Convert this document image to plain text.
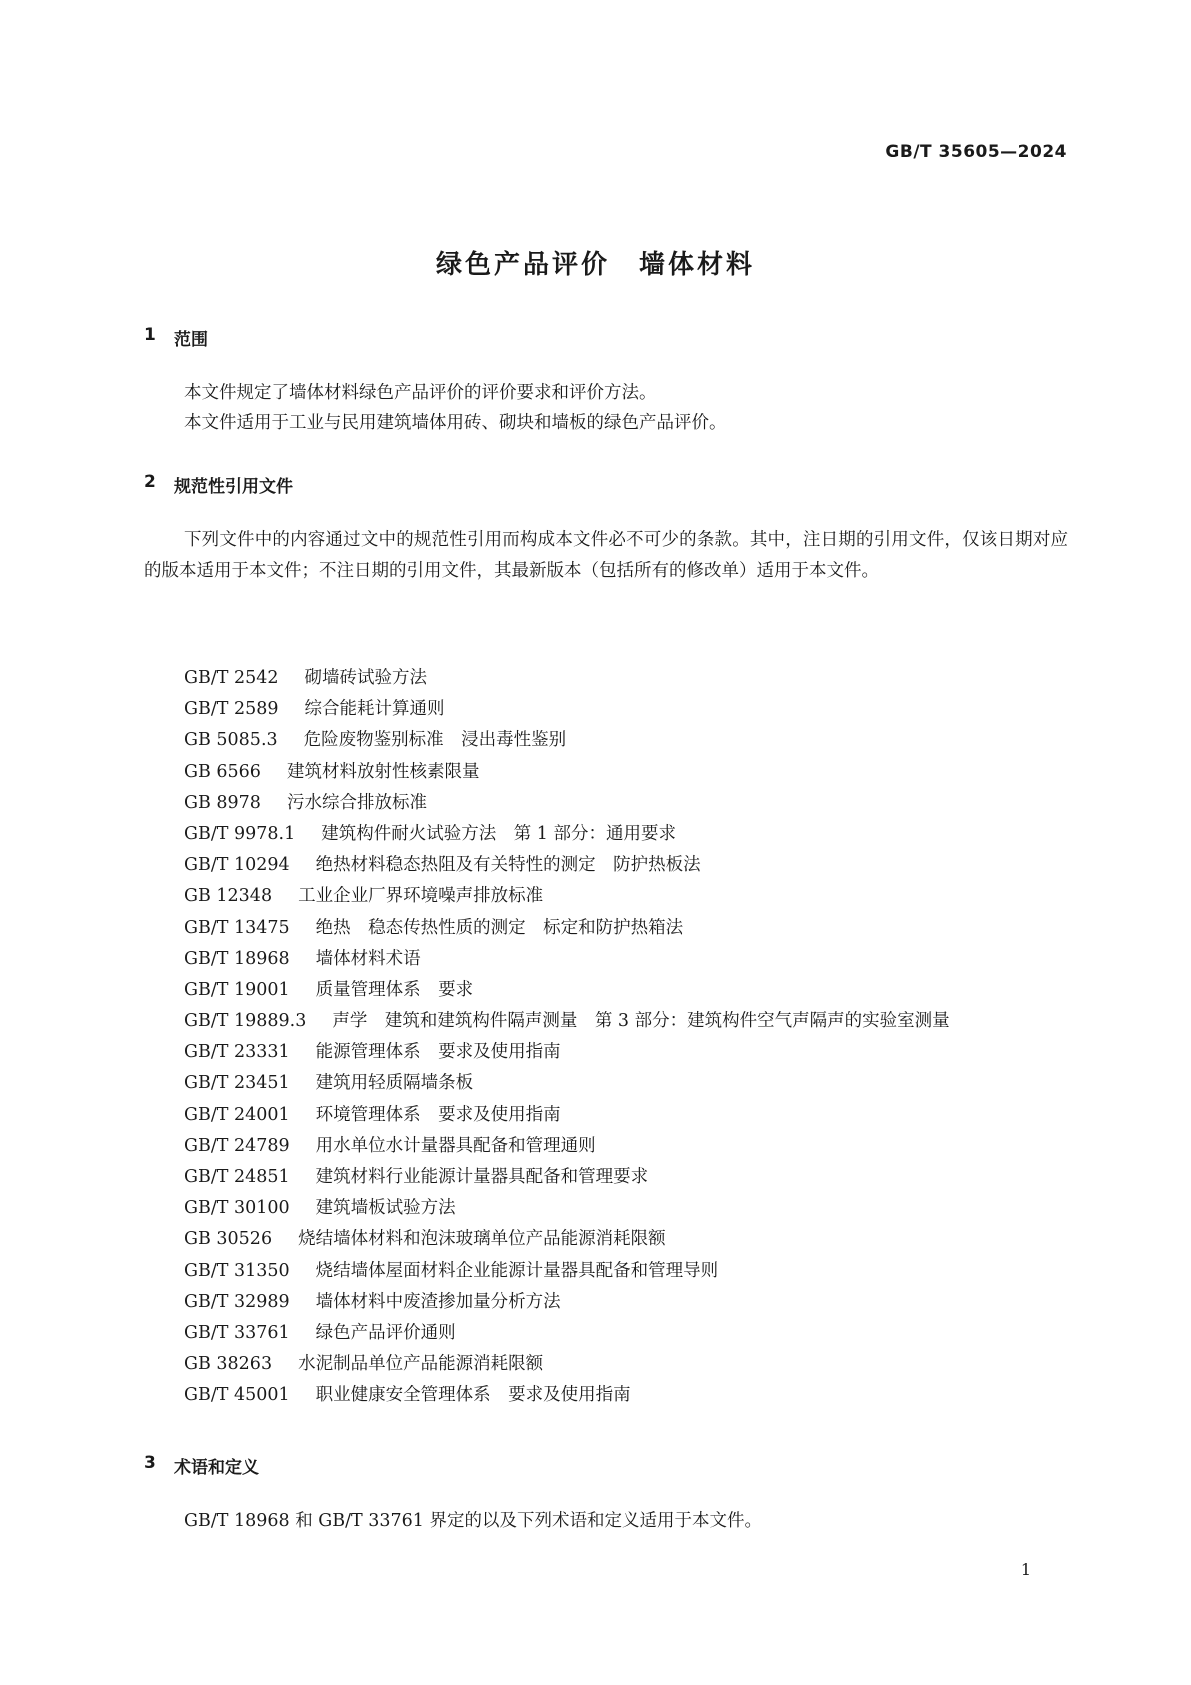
GB/T 35605—2024
绿色产品评价　墙体材料
1	范围
本文件规定了墙体材料绿色产品评价的评价要求和评价方法。
本文件适用于工业与民用建筑墙体用砖、砌块和墙板的绿色产品评价。
2	规范性引用文件
下列文件中的内容通过文中的规范性引用而构成本文件必不可少的条款。其中，注日期的引用文件，仅该日期对应的版本适用于本文件；不注日期的引用文件，其最新版本（包括所有的修改单）适用于本文件。
GB/T 2542 砌墙砖试验方法
GB/T 2589 综合能耗计算通则
GB 5085.3 危险废物鉴别标准　浸出毒性鉴别
GB 6566 建筑材料放射性核素限量
GB 8978 污水综合排放标准
GB/T 9978.1 建筑构件耐火试验方法　第 1 部分：通用要求
GB/T 10294 绝热材料稳态热阻及有关特性的测定　防护热板法
GB 12348 工业企业厂界环境噪声排放标准
GB/T 13475 绝热　稳态传热性质的测定　标定和防护热箱法
GB/T 18968 墙体材料术语
GB/T 19001 质量管理体系　要求
GB/T 19889.3 声学　建筑和建筑构件隔声测量　第 3 部分：建筑构件空气声隔声的实验室测量
GB/T 23331 能源管理体系　要求及使用指南
GB/T 23451 建筑用轻质隔墙条板
GB/T 24001 环境管理体系　要求及使用指南
GB/T 24789 用水单位水计量器具配备和管理通则
GB/T 24851 建筑材料行业能源计量器具配备和管理要求
GB/T 30100 建筑墙板试验方法
GB 30526 烧结墙体材料和泡沫玻璃单位产品能源消耗限额
GB/T 31350 烧结墙体屋面材料企业能源计量器具配备和管理导则
GB/T 32989 墙体材料中废渣掺加量分析方法
GB/T 33761 绿色产品评价通则
GB 38263 水泥制品单位产品能源消耗限额
GB/T 45001 职业健康安全管理体系　要求及使用指南
3	术语和定义
GB/T 18968 和 GB/T 33761 界定的以及下列术语和定义适用于本文件。
1
